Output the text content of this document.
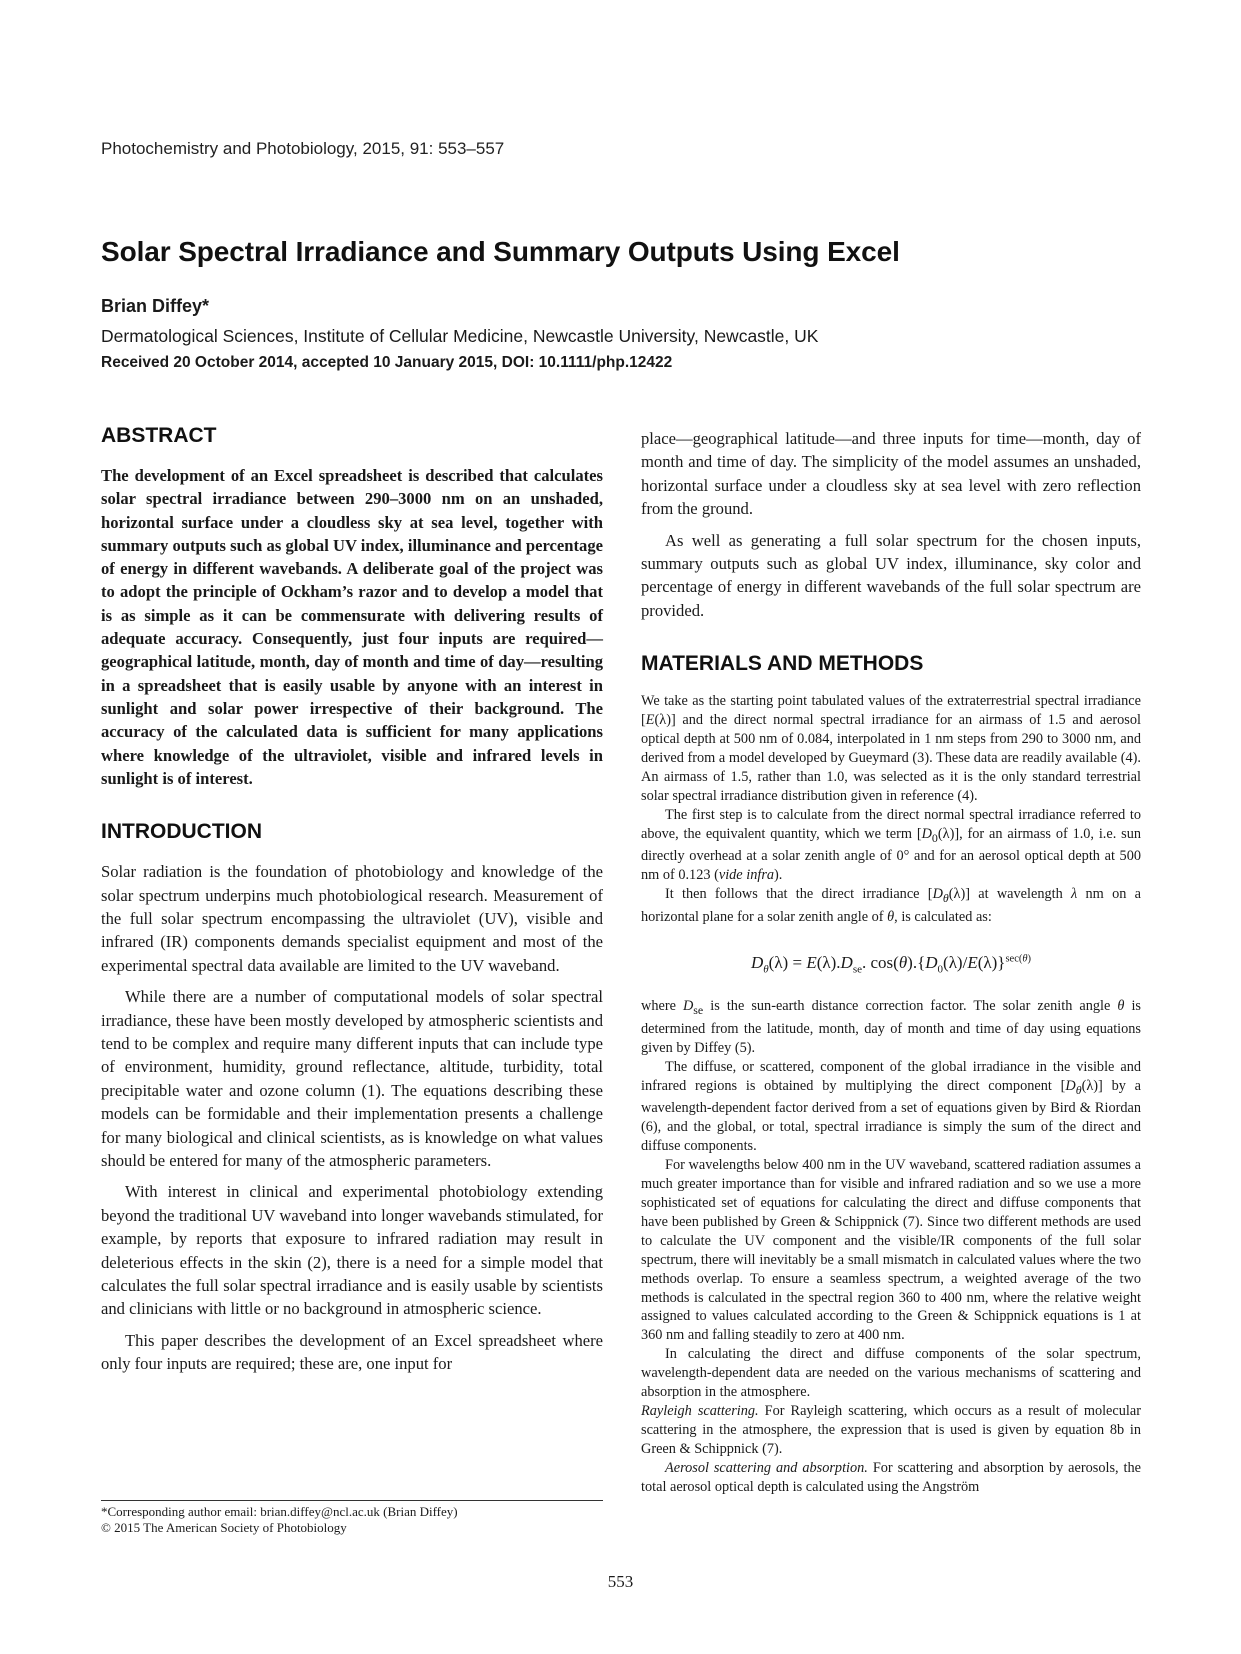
Photochemistry and Photobiology, 2015, 91: 553–557
Solar Spectral Irradiance and Summary Outputs Using Excel
Brian Diffey*
Dermatological Sciences, Institute of Cellular Medicine, Newcastle University, Newcastle, UK
Received 20 October 2014, accepted 10 January 2015, DOI: 10.1111/php.12422
ABSTRACT

The development of an Excel spreadsheet is described that calculates solar spectral irradiance between 290–3000 nm on an unshaded, horizontal surface under a cloudless sky at sea level, together with summary outputs such as global UV index, illuminance and percentage of energy in different wavebands. A deliberate goal of the project was to adopt the principle of Ockham’s razor and to develop a model that is as simple as it can be commensurate with delivering results of adequate accuracy. Consequently, just four inputs are required—geographical latitude, month, day of month and time of day—resulting in a spreadsheet that is easily usable by anyone with an interest in sunlight and solar power irrespective of their background. The accuracy of the calculated data is sufficient for many applications where knowledge of the ultraviolet, visible and infrared levels in sunlight is of interest.

INTRODUCTION

Solar radiation is the foundation of photobiology and knowledge of the solar spectrum underpins much photobiological research. Measurement of the full solar spectrum encompassing the ultraviolet (UV), visible and infrared (IR) components demands specialist equipment and most of the experimental spectral data available are limited to the UV waveband.

While there are a number of computational models of solar spectral irradiance, these have been mostly developed by atmospheric scientists and tend to be complex and require many different inputs that can include type of environment, humidity, ground reflectance, altitude, turbidity, total precipitable water and ozone column (1). The equations describing these models can be formidable and their implementation presents a challenge for many biological and clinical scientists, as is knowledge on what values should be entered for many of the atmospheric parameters.

With interest in clinical and experimental photobiology extending beyond the traditional UV waveband into longer wavebands stimulated, for example, by reports that exposure to infrared radiation may result in deleterious effects in the skin (2), there is a need for a simple model that calculates the full solar spectral irradiance and is easily usable by scientists and clinicians with little or no background in atmospheric science.

This paper describes the development of an Excel spreadsheet where only four inputs are required; these are, one input for

place—geographical latitude—and three inputs for time—month, day of month and time of day. The simplicity of the model assumes an unshaded, horizontal surface under a cloudless sky at sea level with zero reflection from the ground.

As well as generating a full solar spectrum for the chosen inputs, summary outputs such as global UV index, illuminance, sky color and percentage of energy in different wavebands of the full solar spectrum are provided.

MATERIALS AND METHODS

We take as the starting point tabulated values of the extraterrestrial spectral irradiance [E(λ)] and the direct normal spectral irradiance for an airmass of 1.5 and aerosol optical depth at 500 nm of 0.084, interpolated in 1 nm steps from 290 to 3000 nm, and derived from a model developed by Gueymard (3). These data are readily available (4). An airmass of 1.5, rather than 1.0, was selected as it is the only standard terrestrial solar spectral irradiance distribution given in reference (4).

The first step is to calculate from the direct normal spectral irradiance referred to above, the equivalent quantity, which we term $[D_0(\lambda)]$, for an airmass of 1.0, i.e. sun directly overhead at a solar zenith angle of 0° and for an aerosol optical depth at 500 nm of 0.123 (vide infra).

It then follows that the direct irradiance $[D_\theta(\lambda)]$ at wavelength λ nm on a horizontal plane for a solar zenith angle of θ, is calculated as:

$D_\theta(\lambda) = E(\lambda).D_{se}$. $\cos(\theta).\{D_0(\lambda)/E(\lambda)\}^{sec(\theta)}$

where $D_{se}$ is the sun-earth distance correction factor. The solar zenith angle θ is determined from the latitude, month, day of month and time of day using equations given by Diffey (5).

The diffuse, or scattered, component of the global irradiance in the visible and infrared regions is obtained by multiplying the direct component $[D_\theta(\lambda)]$ by a wavelength-dependent factor derived from a set of equations given by Bird & Riordan (6), and the global, or total, spectral irradiance is simply the sum of the direct and diffuse components.

For wavelengths below 400 nm in the UV waveband, scattered radiation assumes a much greater importance than for visible and infrared radiation and so we use a more sophisticated set of equations for calculating the direct and diffuse components that have been published by Green & Schippnick (7). Since two different methods are used to calculate the UV component and the visible/IR components of the full solar spectrum, there will inevitably be a small mismatch in calculated values where the two methods overlap. To ensure a seamless spectrum, a weighted average of the two methods is calculated in the spectral region 360 to 400 nm, where the relative weight assigned to values calculated according to the Green & Schippnick equations is 1 at 360 nm and falling steadily to zero at 400 nm.

In calculating the direct and diffuse components of the solar spectrum, wavelength-dependent data are needed on the various mechanisms of scattering and absorption in the atmosphere.

Rayleigh scattering. For Rayleigh scattering, which occurs as a result of molecular scattering in the atmosphere, the expression that is used is given by equation 8b in Green & Schippnick (7).

Aerosol scattering and absorption. For scattering and absorption by aerosols, the total aerosol optical depth is calculated using the Angström

*Corresponding author email: brian.diffey@ncl.ac.uk (Brian Diffey)
© 2015 The American Society of Photobiology
553
